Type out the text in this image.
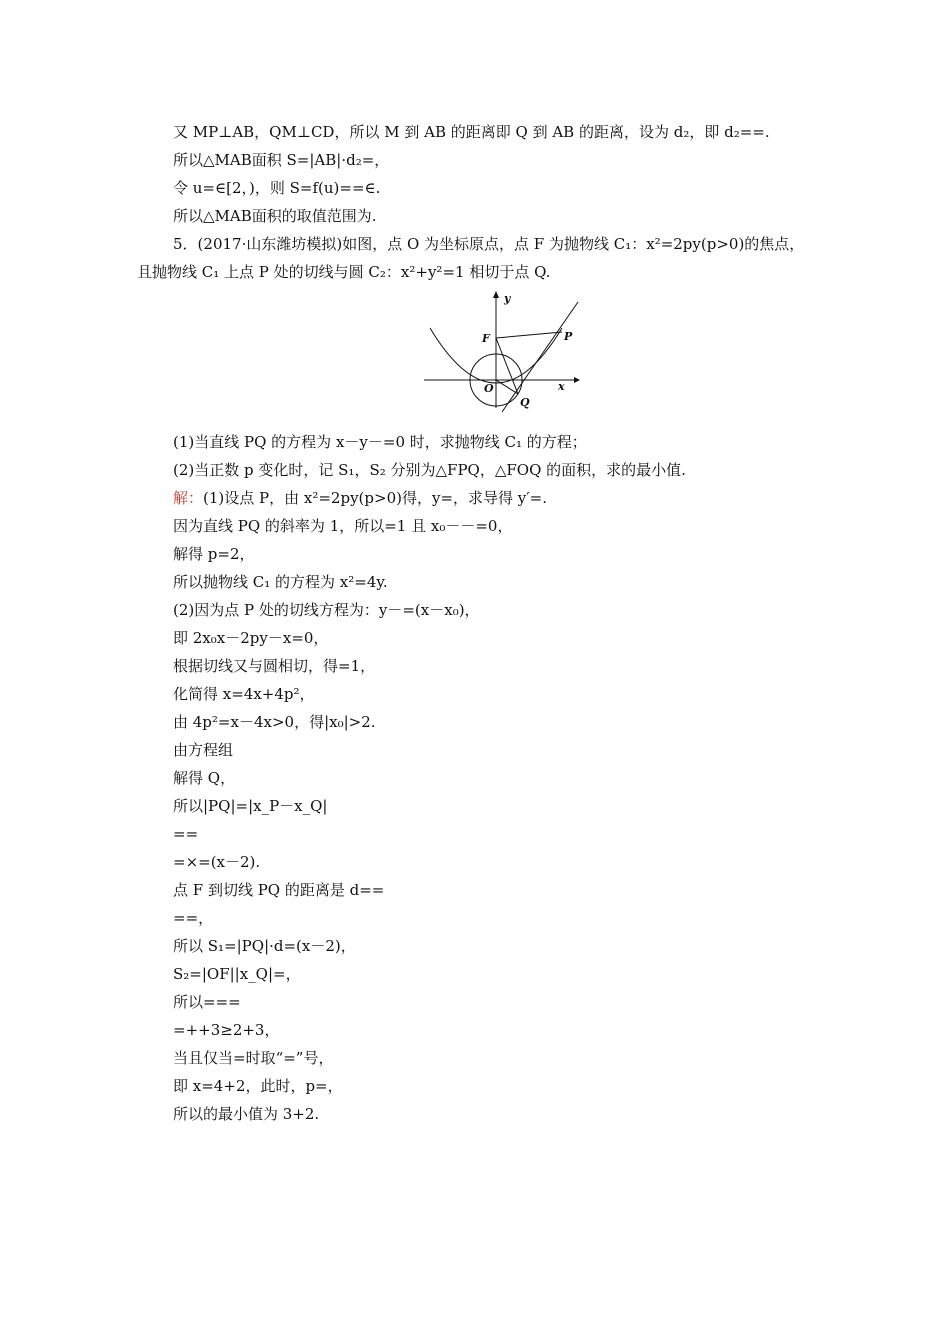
又 MP⊥AB，QM⊥CD，所以 M 到 AB 的距离即 Q 到 AB 的距离，设为 d₂，即 d₂==.
所以△MAB面积 S=|AB|·d₂=，
令 u=∈[2，)，则 S=f(u)==∈.
所以△MAB面积的取值范围为.
5．(2017·山东潍坊模拟)如图，点 O 为坐标原点，点 F 为抛物线 C₁：x²=2py(p>0)的焦点，
且抛物线 C₁ 上点 P 处的切线与圆 C₂：x²+y²=1 相切于点 Q.
y
x
F	P
O
Q
(1)当直线 PQ 的方程为 x－y－=0 时，求抛物线 C₁ 的方程；
(2)当正数 p 变化时，记 S₁，S₂ 分别为△FPQ，△FOQ 的面积，求的最小值.
解：(1)设点 P，由 x²=2py(p>0)得，y=，求导得 y′=.
因为直线 PQ 的斜率为 1，所以=1 且 x₀－－=0，
解得 p=2，
所以抛物线 C₁ 的方程为 x²=4y.
(2)因为点 P 处的切线方程为：y－=(x－x₀)，
即 2x₀x－2py－x=0，
根据切线又与圆相切，得=1，
化简得 x=4x+4p²，
由 4p²=x－4x>0，得|x₀|>2.
由方程组
解得 Q，
所以|PQ|=|x_P－x_Q|
==
=×=(x－2).
点 F 到切线 PQ 的距离是 d==
==，
所以 S₁=|PQ|·d=(x－2)，
S₂=|OF||x_Q|=，
所以===
=++3≥2+3，
当且仅当=时取“=”号，
即 x=4+2，此时，p=，
所以的最小值为 3+2.
